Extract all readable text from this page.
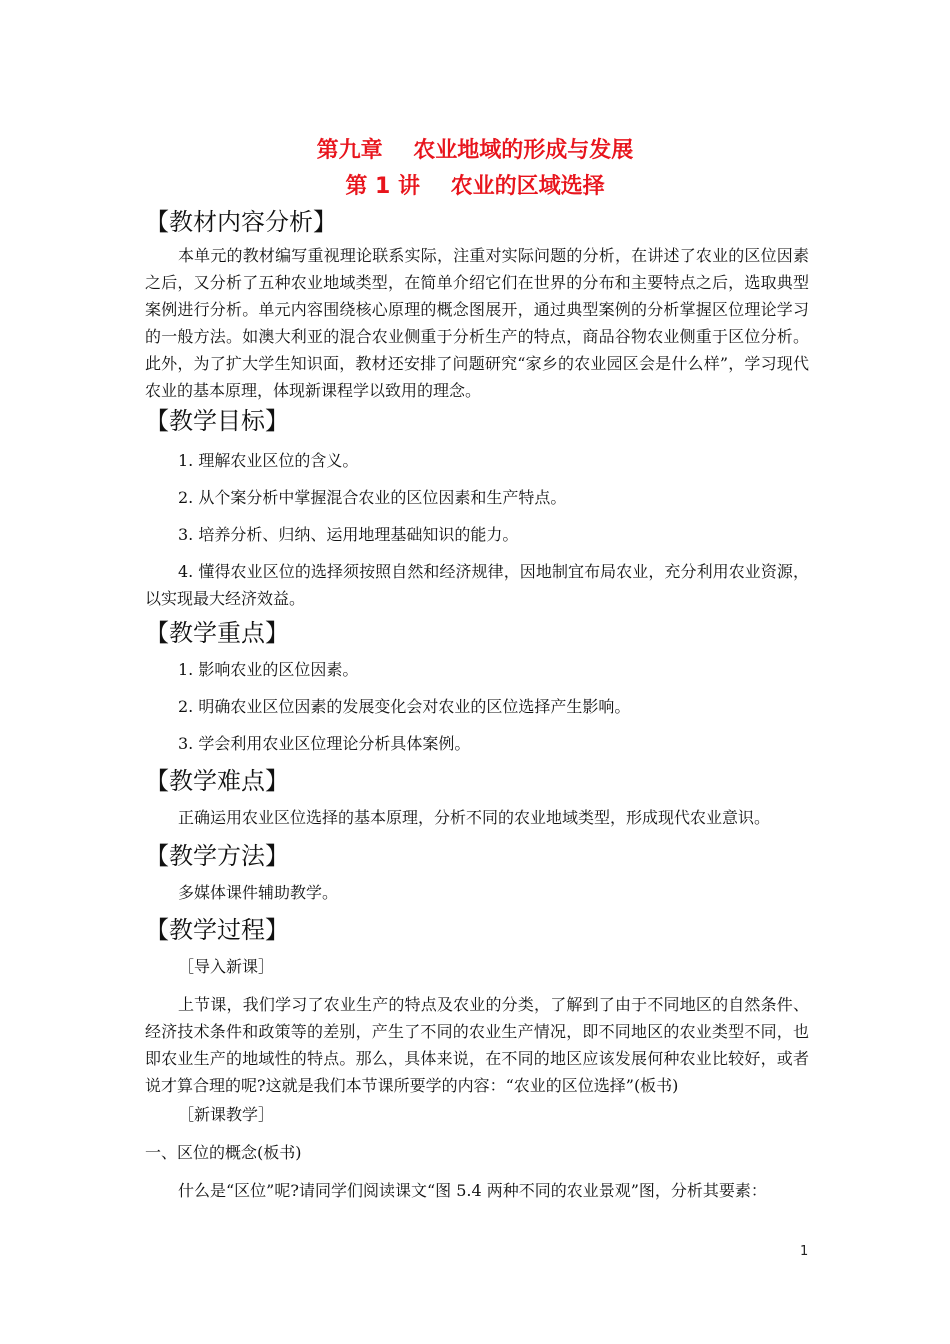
第九章    农业地域的形成与发展
第 1 讲    农业的区域选择
【教材内容分析】

本单元的教材编写重视理论联系实际，注重对实际问题的分析，在讲述了农业的区位因素之后，又分析了五种农业地域类型，在简单介绍它们在世界的分布和主要特点之后，选取典型案例进行分析。单元内容围绕核心原理的概念图展开，通过典型案例的分析掌握区位理论学习的一般方法。如澳大利亚的混合农业侧重于分析生产的特点，商品谷物农业侧重于区位分析。此外，为了扩大学生知识面，教材还安排了问题研究“家乡的农业园区会是什么样”，学习现代农业的基本原理，体现新课程学以致用的理念。

【教学目标】
1. 理解农业区位的含义。
2. 从个案分析中掌握混合农业的区位因素和生产特点。
3. 培养分析、归纳、运用地理基础知识的能力。

4. 懂得农业区位的选择须按照自然和经济规律，因地制宜布局农业，充分利用农业资源，以实现最大经济效益。

【教学重点】
1. 影响农业的区位因素。
2. 明确农业区位因素的发展变化会对农业的区位选择产生影响。
3. 学会利用农业区位理论分析具体案例。
【教学难点】
正确运用农业区位选择的基本原理，分析不同的农业地域类型，形成现代农业意识。
【教学方法】
多媒体课件辅助教学。
【教学过程】
［导入新课］

上节课，我们学习了农业生产的特点及农业的分类，了解到了由于不同地区的自然条件、经济技术条件和政策等的差别，产生了不同的农业生产情况，即不同地区的农业类型不同，也即农业生产的地域性的特点。那么，具体来说，在不同的地区应该发展何种农业比较好，或者说才算合理的呢?这就是我们本节课所要学的内容：“农业的区位选择”(板书)

［新课教学］
一、区位的概念(板书)
什么是“区位”呢?请同学们阅读课文“图 5.4 两种不同的农业景观”图，分析其要素：
1
